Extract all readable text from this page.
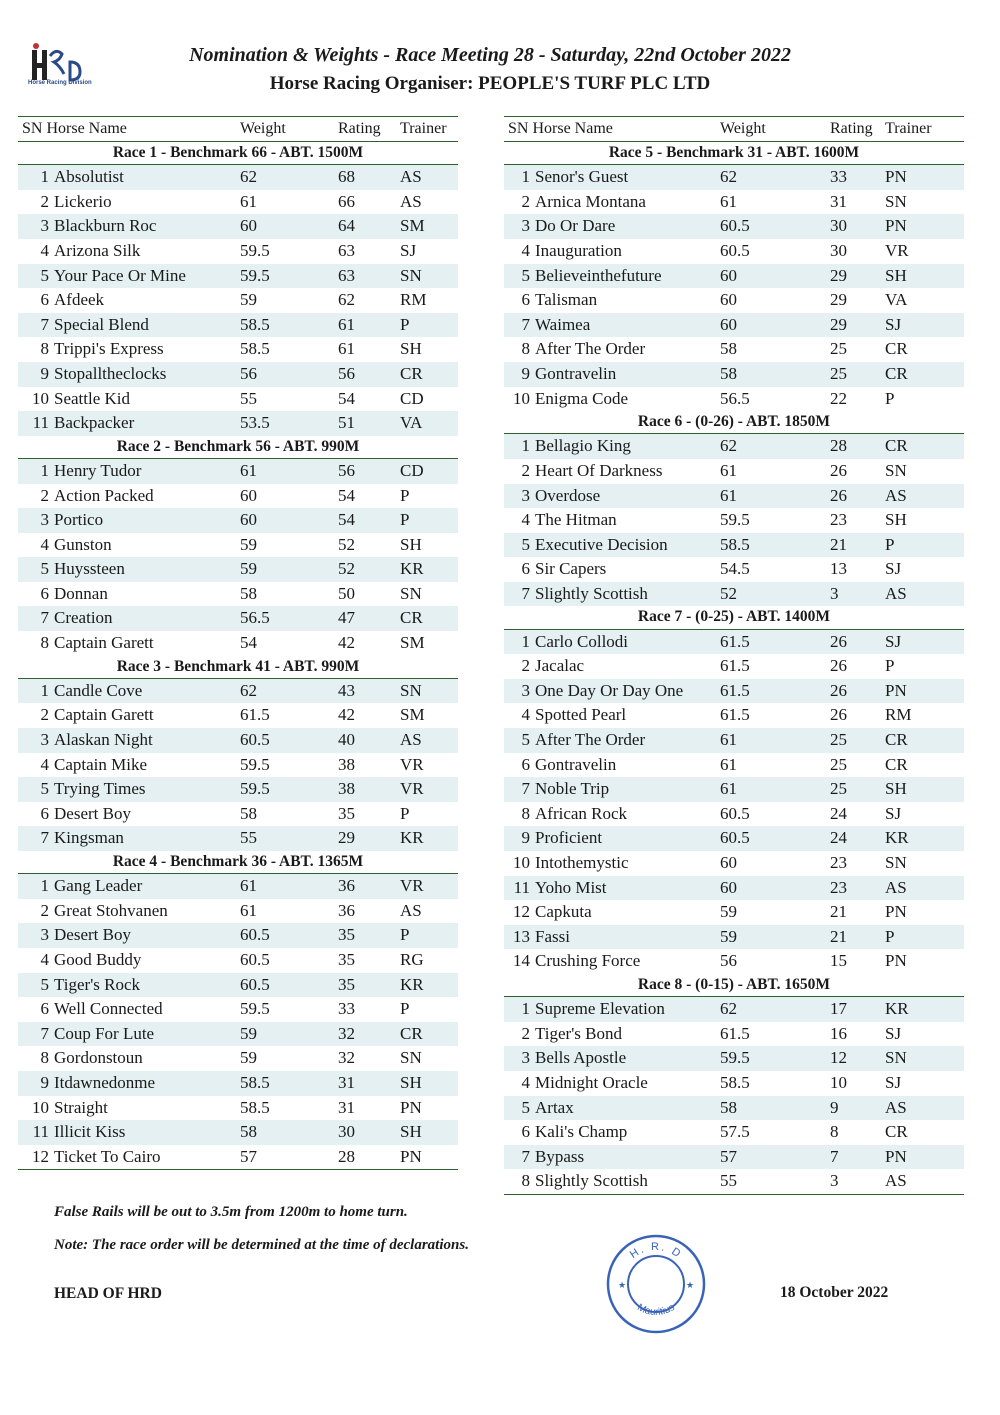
Horse Racing Division
Nomination & Weights - Race Meeting 28 - Saturday, 22nd October 2022
Horse Racing Organiser: PEOPLE'S TURF PLC LTD
SN Horse Name	Weight	Rating Trainer
Race 1 - Benchmark 66 - ABT. 1500M
1 Absolutist	62	68	AS
2 Lickerio	61	66	AS
3 Blackburn Roc	60	64	SM
4 Arizona Silk	59.5	63	SJ
5 Your Pace Or Mine	59.5	63	SN
6 Afdeek	59	62	RM
7 Special Blend	58.5	61	P
8 Trippi's Express	58.5	61	SH
9 Stopalltheclocks	56	56	CR
10 Seattle Kid	55	54	CD
11 Backpacker	53.5	51	VA
Race 2 - Benchmark 56 - ABT. 990M
1 Henry Tudor	61	56	CD
2 Action Packed	60	54	P
3 Portico	60	54	P
4 Gunston	59	52	SH
5 Huyssteen	59	52	KR
6 Donnan	58	50	SN
7 Creation	56.5	47	CR
8 Captain Garett	54	42	SM
Race 3 - Benchmark 41 - ABT. 990M
1 Candle Cove	62	43	SN
2 Captain Garett	61.5	42	SM
3 Alaskan Night	60.5	40	AS
4 Captain Mike	59.5	38	VR
5 Trying Times	59.5	38	VR
6 Desert Boy	58	35	P
7 Kingsman	55	29	KR
Race 4 - Benchmark 36 - ABT. 1365M
1 Gang Leader	61	36	VR
2 Great Stohvanen	61	36	AS
3 Desert Boy	60.5	35	P
4 Good Buddy	60.5	35	RG
5 Tiger's Rock	60.5	35	KR
6 Well Connected	59.5	33	P
7 Coup For Lute	59	32	CR
8 Gordonstoun	59	32	SN
9 Itdawnedonme	58.5	31	SH
10 Straight	58.5	31	PN
11 Illicit Kiss	58	30	SH
12 Ticket To Cairo	57	28	PN
SN Horse Name	Weight	Rating Trainer
Race 5 - Benchmark 31 - ABT. 1600M
1 Senor's Guest	62	33 PN
2 Arnica Montana	61	31 SN
3 Do Or Dare	60.5	30 PN
4 Inauguration	60.5	30 VR
5 Believeinthefuture	60	29 SH
6 Talisman	60	29 VA
7 Waimea	60	29 SJ
8 After The Order	58	25 CR
9 Gontravelin	58	25 CR
10 Enigma Code	56.5	22 P
Race 6 - (0-26) - ABT. 1850M
1 Bellagio King	62	28 CR
2 Heart Of Darkness	61	26 SN
3 Overdose	61	26 AS
4 The Hitman	59.5	23 SH
5 Executive Decision	58.5	21 P
6 Sir Capers	54.5	13 SJ
7 Slightly Scottish	52	3	AS
Race 7 - (0-25) - ABT. 1400M
1 Carlo Collodi	61.5	26 SJ
2 Jacalac	61.5	26 P
3 One Day Or Day One 61.5	26 PN
4 Spotted Pearl	61.5	26 RM
5 After The Order	61	25 CR
6 Gontravelin	61	25 CR
7 Noble Trip	61	25 SH
8 African Rock	60.5	24 SJ
9 Proficient	60.5	24 KR
10 Intothemystic	60	23 SN
11 Yoho Mist	60	23 AS
12 Capkuta	59	21 PN
13 Fassi	59	21 P
14 Crushing Force	56	15 PN
Race 8 - (0-15) - ABT. 1650M
1 Supreme Elevation	62	17 KR
2 Tiger's Bond	61.5	16 SJ
3 Bells Apostle	59.5	12 SN
4 Midnight Oracle	58.5	10 SJ
5 Artax	58	9	AS
6 Kali's Champ	57.5	8	CR
7 Bypass	57	7	PN
8 Slightly Scottish	55	3	AS
False Rails will be out to 3.5m from 1200m to home turn.
Note: The race order will be determined at the time of declarations.
HEAD OF HRD	18 October 2022
H. R. D
Mauritius
★	★
